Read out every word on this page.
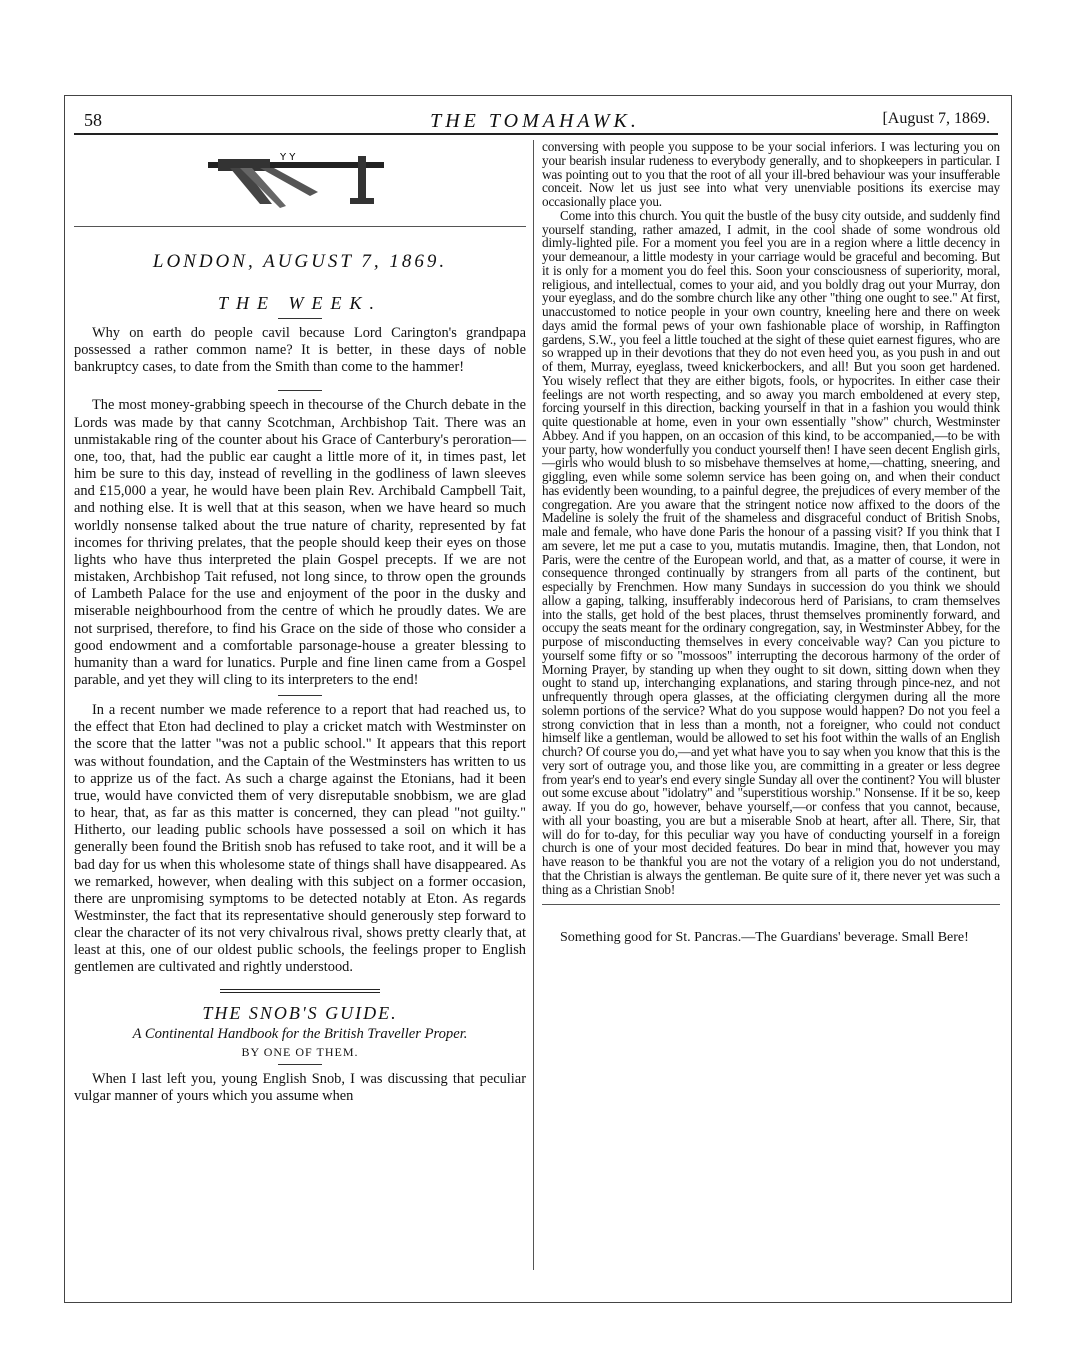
58	THE TOMAHAWK.	[August 7, 1869.
Y Y
LONDON, AUGUST 7, 1869.
THE WEEK.

Why on earth do people cavil because Lord Carington's grandpapa possessed a rather common name? It is better, in these days of noble bankruptcy cases, to date from the Smith than come to the hammer!

The most money-grabbing speech in thecourse of the Church debate in the Lords was made by that canny Scotchman, Archbishop Tait. There was an unmistakable ring of the counter about his Grace of Canterbury's peroration—one, too, that, had the public ear caught a little more of it, in times past, let him be sure to this day, instead of revelling in the godliness of lawn sleeves and £15,000 a year, he would have been plain Rev. Archibald Campbell Tait, and nothing else. It is well that at this season, when we have heard so much worldly nonsense talked about the true nature of charity, represented by fat incomes for thriving prelates, that the people should keep their eyes on those lights who have thus interpreted the plain Gospel precepts. If we are not mistaken, Archbishop Tait refused, not long since, to throw open the grounds of Lambeth Palace for the use and enjoyment of the poor in the dusky and miserable neighbourhood from the centre of which he proudly dates. We are not surprised, therefore, to find his Grace on the side of those who consider a good endowment and a comfortable parsonage-house a greater blessing to humanity than a ward for lunatics. Purple and fine linen came from a Gospel parable, and yet they will cling to its interpreters to the end!

In a recent number we made reference to a report that had reached us, to the effect that Eton had declined to play a cricket match with Westminster on the score that the latter "was not a public school." It appears that this report was without foundation, and the Captain of the Westminsters has written to us to apprize us of the fact. As such a charge against the Etonians, had it been true, would have convicted them of very disreputable snobbism, we are glad to hear, that, as far as this matter is concerned, they can plead "not guilty." Hitherto, our leading public schools have possessed a soil on which it has generally been found the British snob has refused to take root, and it will be a bad day for us when this wholesome state of things shall have disappeared. As we remarked, however, when dealing with this subject on a former occasion, there are unpromising symptoms to be detected notably at Eton. As regards Westminster, the fact that its representative should generously step forward to clear the character of its not very chivalrous rival, shows pretty clearly that, at least at this, one of our oldest public schools, the feelings proper to English gentlemen are cultivated and rightly understood.

THE SNOB'S GUIDE.
A Continental Handbook for the British Traveller Proper.
BY ONE OF THEM.

When I last left you, young English Snob, I was discussing that peculiar vulgar manner of yours which you assume when

conversing with people you suppose to be your social inferiors. I was lecturing you on your bearish insular rudeness to everybody generally, and to shopkeepers in particular. I was pointing out to you that the root of all your ill-bred behaviour was your insufferable conceit. Now let us just see into what very unenviable positions its exercise may occasionally place you.

Come into this church. You quit the bustle of the busy city outside, and suddenly find yourself standing, rather amazed, I admit, in the cool shade of some wondrous old dimly-lighted pile. For a moment you feel you are in a region where a little decency in your demeanour, a little modesty in your carriage would be graceful and becoming. But it is only for a moment you do feel this. Soon your consciousness of superiority, moral, religious, and intellectual, comes to your aid, and you boldly drag out your Murray, don your eyeglass, and do the sombre church like any other "thing one ought to see." At first, unaccustomed to notice people in your own country, kneeling here and there on week days amid the formal pews of your own fashionable place of worship, in Raffington gardens, S.W., you feel a little touched at the sight of these quiet earnest figures, who are so wrapped up in their devotions that they do not even heed you, as you push in and out of them, Murray, eyeglass, tweed knickerbockers, and all! But you soon get hardened. You wisely reflect that they are either bigots, fools, or hypocrites. In either case their feelings are not worth respecting, and so away you march emboldened at every step, forcing yourself in this direction, backing yourself in that in a fashion you would think quite questionable at home, even in your own essentially "show" church, Westminster Abbey. And if you happen, on an occasion of this kind, to be accompanied,—to be with your party, how wonderfully you conduct yourself then! I have seen decent English girls,—girls who would blush to so misbehave themselves at home,—chatting, sneering, and giggling, even while some solemn service has been going on, and when their conduct has evidently been wounding, to a painful degree, the prejudices of every member of the congregation. Are you aware that the stringent notice now affixed to the doors of the Madeline is solely the fruit of the shameless and disgraceful conduct of British Snobs, male and female, who have done Paris the honour of a passing visit? If you think that I am severe, let me put a case to you, mutatis mutandis. Imagine, then, that London, not Paris, were the centre of the European world, and that, as a matter of course, it were in consequence thronged continually by strangers from all parts of the continent, but especially by Frenchmen. How many Sundays in succession do you think we should allow a gaping, talking, insufferably indecorous herd of Parisians, to cram themselves into the stalls, get hold of the best places, thrust themselves prominently forward, and occupy the seats meant for the ordinary congregation, say, in Westminster Abbey, for the purpose of misconducting themselves in every conceivable way? Can you picture to yourself some fifty or so "mossoos" interrupting the decorous harmony of the order of Morning Prayer, by standing up when they ought to sit down, sitting down when they ought to stand up, interchanging explanations, and staring through pince-nez, and not unfrequently through opera glasses, at the officiating clergymen during all the more solemn portions of the service? What do you suppose would happen? Do not you feel a strong conviction that in less than a month, not a foreigner, who could not conduct himself like a gentleman, would be allowed to set his foot within the walls of an English church? Of course you do,—and yet what have you to say when you know that this is the very sort of outrage you, and those like you, are committing in a greater or less degree from year's end to year's end every single Sunday all over the continent? You will bluster out some excuse about "idolatry" and "superstitious worship." Nonsense. If it be so, keep away. If you do go, however, behave yourself,—or confess that you cannot, because, with all your boasting, you are but a miserable Snob at heart, after all. There, Sir, that will do for to-day, for this peculiar way you have of conducting yourself in a foreign church is one of your most decided features. Do bear in mind that, however you may have reason to be thankful you are not the votary of a religion you do not understand, that the Christian is always the gentleman. Be quite sure of it, there never yet was such a thing as a Christian Snob!

Something good for St. Pancras.—The Guardians' beverage. Small Bere!
